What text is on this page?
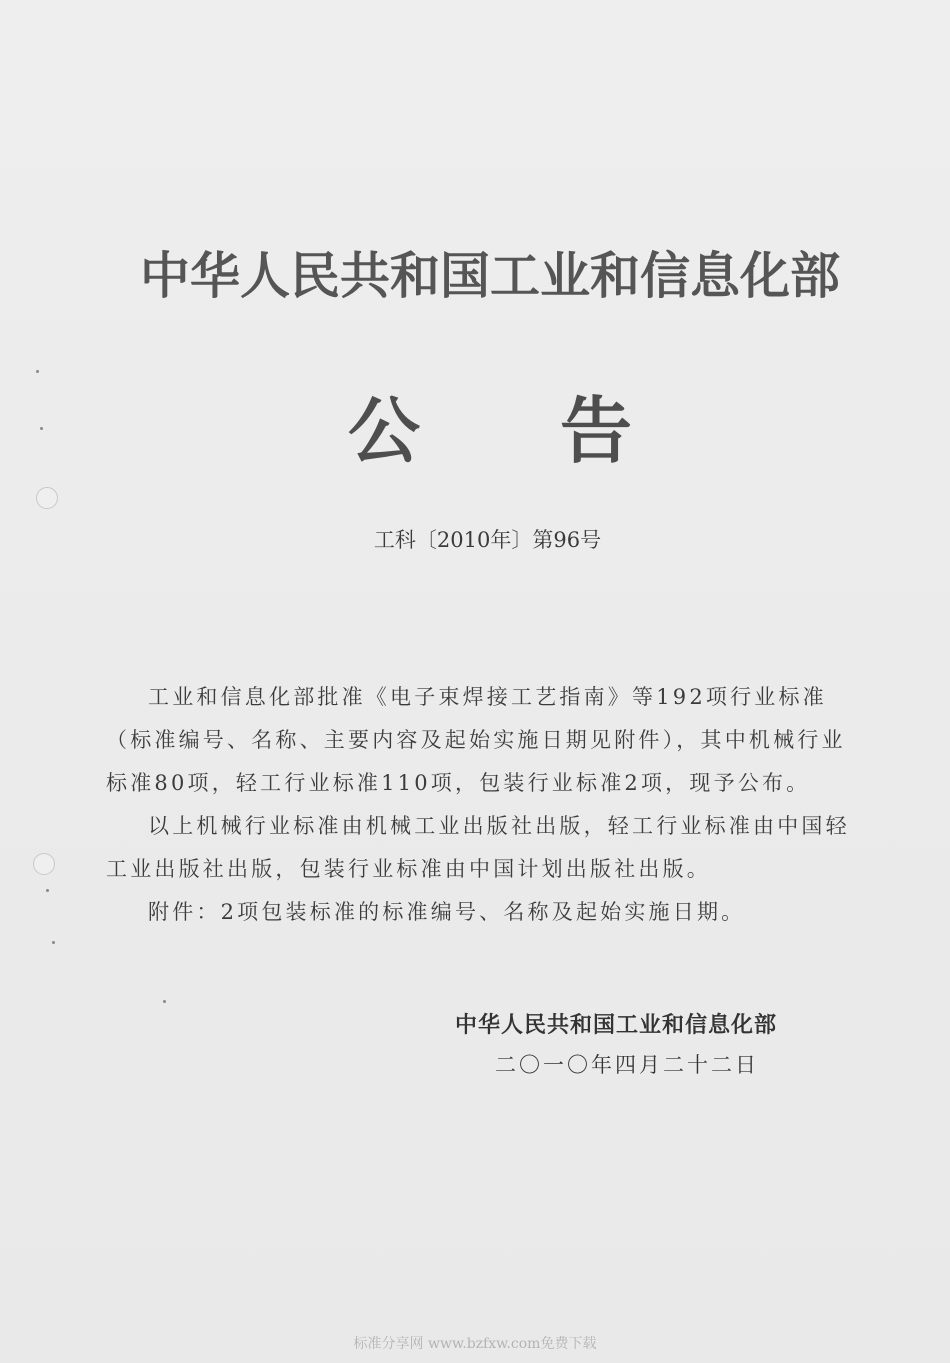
中华人民共和国工业和信息化部
公告
工科〔2010年〕第96号

工业和信息化部批准《电子束焊接工艺指南》等192项行业标准（标准编号、名称、主要内容及起始实施日期见附件），其中机械行业标准80项，轻工行业标准110项，包装行业标准2项，现予公布。

以上机械行业标准由机械工业出版社出版，轻工行业标准由中国轻工业出版社出版，包装行业标准由中国计划出版社出版。

附件：2项包装标准的标准编号、名称及起始实施日期。

中华人民共和国工业和信息化部
二〇一〇年四月二十二日
标准分享网 www.bzfxw.com免费下载
